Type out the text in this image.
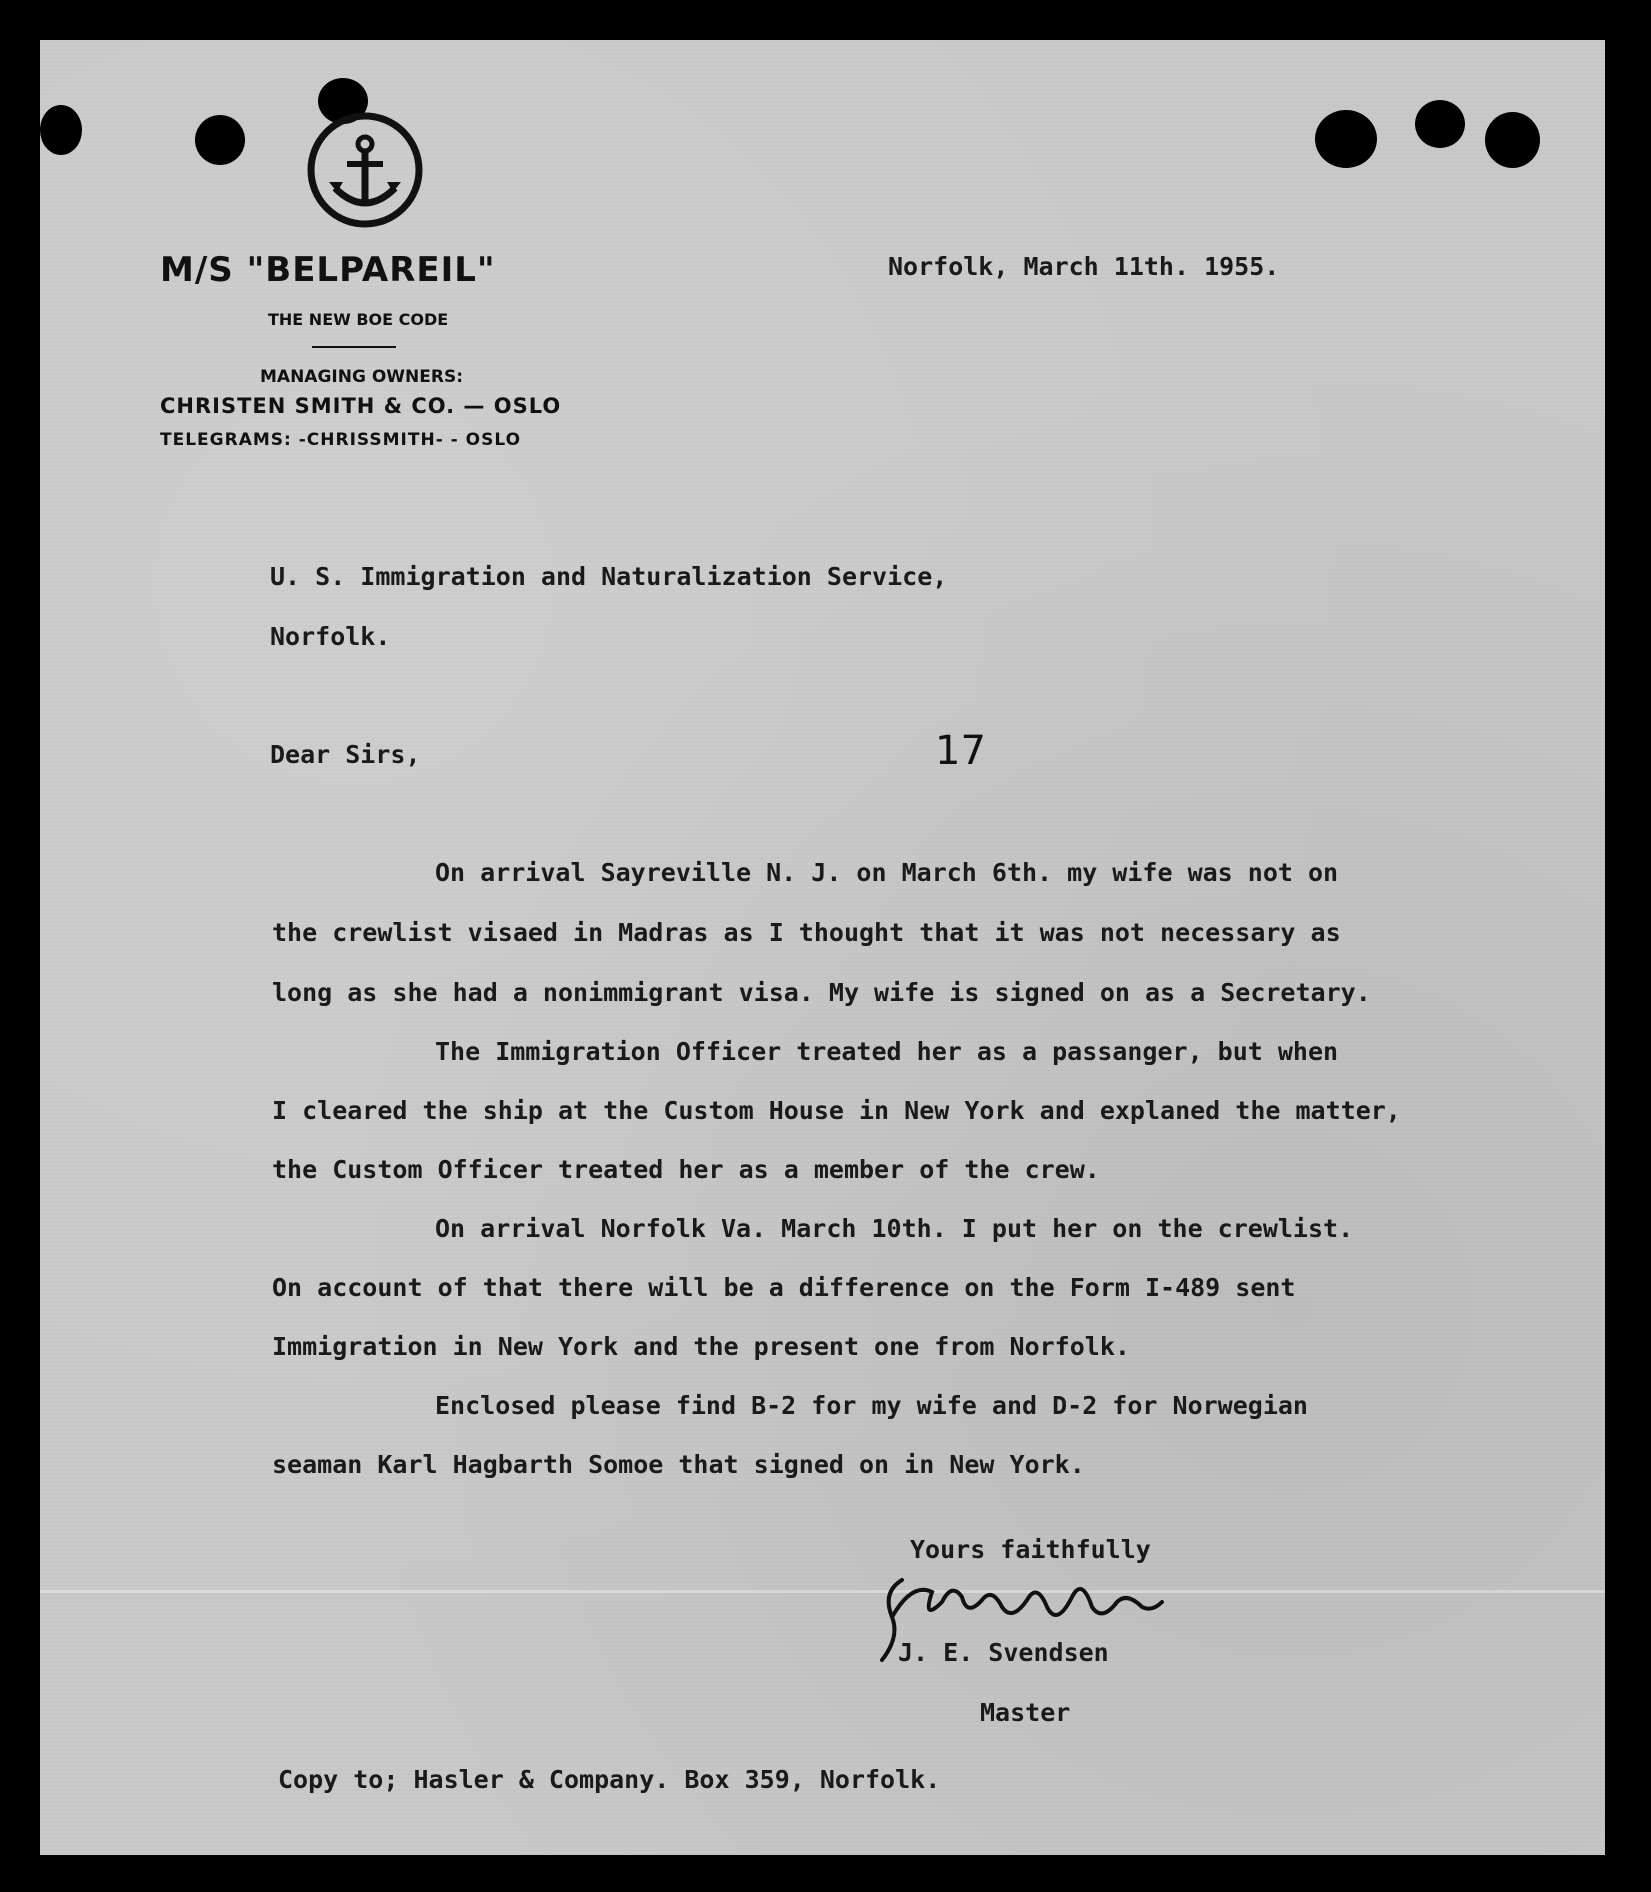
M/S "BELPAREIL"
THE NEW BOE CODE
MANAGING OWNERS:
CHRISTEN SMITH & CO. — OSLO
TELEGRAMS: -CHRISSMITH- - OSLO
Norfolk, March 11th. 1955.
U. S. Immigration and Naturalization Service,
Norfolk.
Dear Sirs,	17
On arrival Sayreville N. J. on March 6th. my wife was not on
the crewlist visaed in Madras as I thought that it was not necessary as
long as she had a nonimmigrant visa. My wife is signed on as a Secretary.
The Immigration Officer treated her as a passanger, but when
I cleared the ship at the Custom House in New York and explaned the matter,
the Custom Officer treated her as a member of the crew.
On arrival Norfolk Va. March 10th. I put her on the crewlist.
On account of that there will be a difference on the Form I-489 sent
Immigration in New York and the present one from Norfolk.
Enclosed please find B-2 for my wife and D-2 for Norwegian
seaman Karl Hagbarth Somoe that signed on in New York.
Yours faithfully
J. E. Svendsen
Master
Copy to; Hasler & Company. Box 359, Norfolk.
